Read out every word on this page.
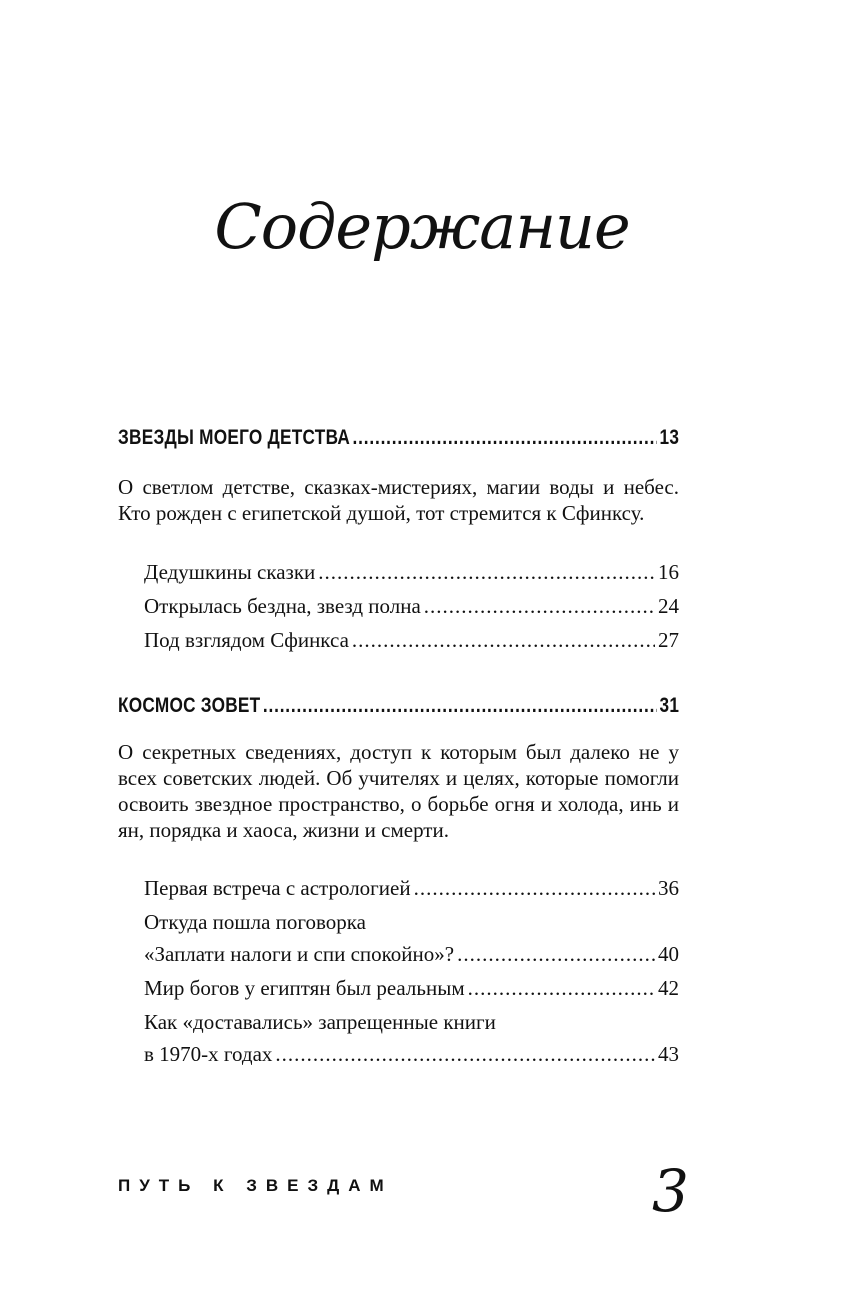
Содержание
ЗВЕЗДЫ МОЕГО ДЕТСТВА .....	13
О светлом детстве, сказках-мистериях, магии воды и небес. Кто рожден с египетской душой, тот стремится к Сфинксу.
Дедушкины сказки .....	16
Открылась бездна, звезд полна .....	24
Под взглядом Сфинкса .....	27
КОСМОС ЗОВЕТ .....	31
О секретных сведениях, доступ к которым был далеко не у всех советских людей. Об учителях и целях, которые помогли освоить звездное пространство, о борьбе огня и холода, инь и ян, порядка и хаоса, жизни и смерти.
Первая встреча с астрологией .....	36
Откуда пошла поговорка
«Заплати налоги и спи спокойно»? .....	40
Мир богов у египтян был реальным .....	42
Как «доставались» запрещенные книги
в 1970-х годах .....	43
ПУТЬ К ЗВЕЗДАМ	3
